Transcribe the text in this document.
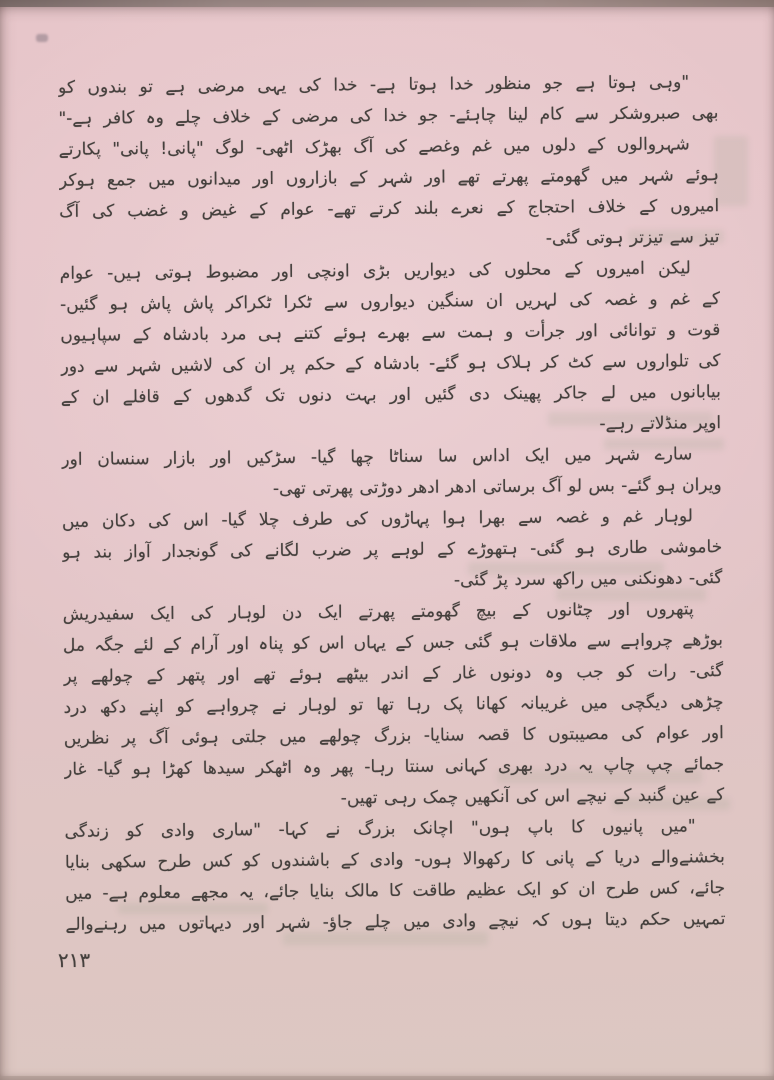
"وہی ہوتا ہے جو منظور خدا ہوتا ہے- خدا کی یہی مرضی ہے تو بندوں کو
بھی صبروشکر سے کام لینا چاہئے- جو خدا کی مرضی کے خلاف چلے وہ کافر ہے-"
شہروالوں کے دلوں میں غم وغصے کی آگ بھڑک اٹھی- لوگ "پانی! پانی" پکارتے
ہوئے شہر میں گھومتے پھرتے تھے اور شہر کے بازاروں اور میدانوں میں جمع ہوکر
امیروں کے خلاف احتجاج کے نعرے بلند کرتے تھے- عوام کے غیض و غضب کی آگ
تیز سے تیزتر ہوتی گئی-
لیکن امیروں کے محلوں کی دیواریں بڑی اونچی اور مضبوط ہوتی ہیں- عوام
کے غم و غصہ کی لہریں ان سنگین دیواروں سے ٹکرا ٹکراکر پاش پاش ہو گئیں-
قوت و توانائی اور جرأت و ہمت سے بھرے ہوئے کتنے ہی مرد بادشاہ کے سپاہیوں
کی تلواروں سے کٹ کر ہلاک ہو گئے- بادشاہ کے حکم پر ان کی لاشیں شہر سے دور
بیابانوں میں لے جاکر پھینک دی گئیں اور بہت دنوں تک گدھوں کے قافلے ان کے
اوپر منڈلاتے رہے-
سارے شہر میں ایک اداس سا سناٹا چھا گیا- سڑکیں اور بازار سنسان اور
ویران ہو گئے- بس لو آگ برساتی ادھر ادھر دوڑتی پھرتی تھی-
لوہار غم و غصہ سے بھرا ہوا پہاڑوں کی طرف چلا گیا- اس کی دکان میں
خاموشی طاری ہو گئی- ہتھوڑے کے لوہے پر ضرب لگانے کی گونجدار آواز بند ہو
گئی- دھونکنی میں راکھ سرد پڑ گئی-
پتھروں اور چٹانوں کے بیچ گھومتے پھرتے ایک دن لوہار کی ایک سفیدریش
بوڑھے چرواہے سے ملاقات ہو گئی جس کے یہاں اس کو پناہ اور آرام کے لئے جگہ مل
گئی- رات کو جب وہ دونوں غار کے اندر بیٹھے ہوئے تھے اور پتھر کے چولھے پر
چڑھی دیگچی میں غریبانہ کھانا پک رہا تھا تو لوہار نے چرواہے کو اپنے دکھ درد
اور عوام کی مصیبتوں کا قصہ سنایا- بزرگ چولھے میں جلتی ہوئی آگ پر نظریں
جمائے چپ چاپ یہ درد بھری کہانی سنتا رہا- پھر وہ اٹھکر سیدھا کھڑا ہو گیا- غار
کے عین گنبد کے نیچے اس کی آنکھیں چمک رہی تھیں-
"میں پانیوں کا باپ ہوں" اچانک بزرگ نے کہا- "ساری وادی کو زندگی
بخشنےوالے دریا کے پانی کا رکھوالا ہوں- وادی کے باشندوں کو کس طرح سکھی بنایا
جائے، کس طرح ان کو ایک عظیم طاقت کا مالک بنایا جائے، یہ مجھے معلوم ہے- میں
تمہیں حکم دیتا ہوں کہ نیچے وادی میں چلے جاؤ- شہر اور دیہاتوں میں رہنےوالے
۲۱۳
